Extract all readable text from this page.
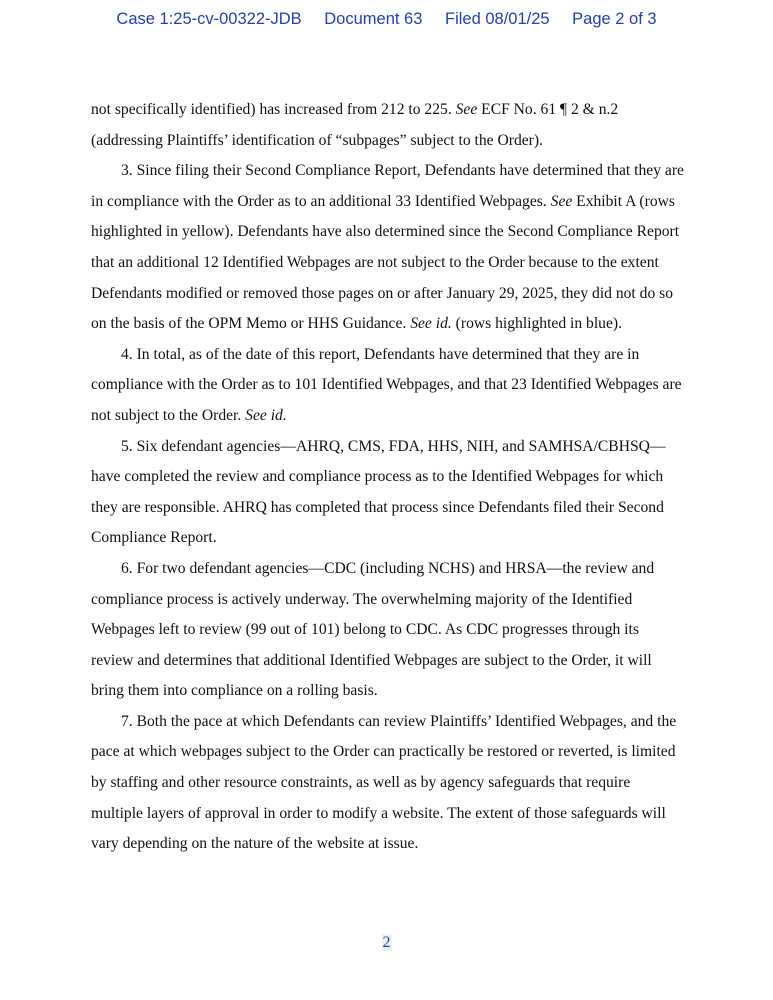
Case 1:25-cv-00322-JDB Document 63 Filed 08/01/25 Page 2 of 3

not specifically identified) has increased from 212 to 225. See ECF No. 61 ¶ 2 & n.2 (addressing Plaintiffs’ identification of “subpages” subject to the Order).

3. Since filing their Second Compliance Report, Defendants have determined that they are in compliance with the Order as to an additional 33 Identified Webpages. See Exhibit A (rows highlighted in yellow). Defendants have also determined since the Second Compliance Report that an additional 12 Identified Webpages are not subject to the Order because to the extent Defendants modified or removed those pages on or after January 29, 2025, they did not do so on the basis of the OPM Memo or HHS Guidance. See id. (rows highlighted in blue).

4. In total, as of the date of this report, Defendants have determined that they are in compliance with the Order as to 101 Identified Webpages, and that 23 Identified Webpages are not subject to the Order. See id.

5. Six defendant agencies—AHRQ, CMS, FDA, HHS, NIH, and SAMHSA/CBHSQ—have completed the review and compliance process as to the Identified Webpages for which they are responsible. AHRQ has completed that process since Defendants filed their Second Compliance Report.

6. For two defendant agencies—CDC (including NCHS) and HRSA—the review and compliance process is actively underway. The overwhelming majority of the Identified Webpages left to review (99 out of 101) belong to CDC. As CDC progresses through its review and determines that additional Identified Webpages are subject to the Order, it will bring them into compliance on a rolling basis.

7. Both the pace at which Defendants can review Plaintiffs’ Identified Webpages, and the pace at which webpages subject to the Order can practically be restored or reverted, is limited by staffing and other resource constraints, as well as by agency safeguards that require multiple layers of approval in order to modify a website. The extent of those safeguards will vary depending on the nature of the website at issue.

2
